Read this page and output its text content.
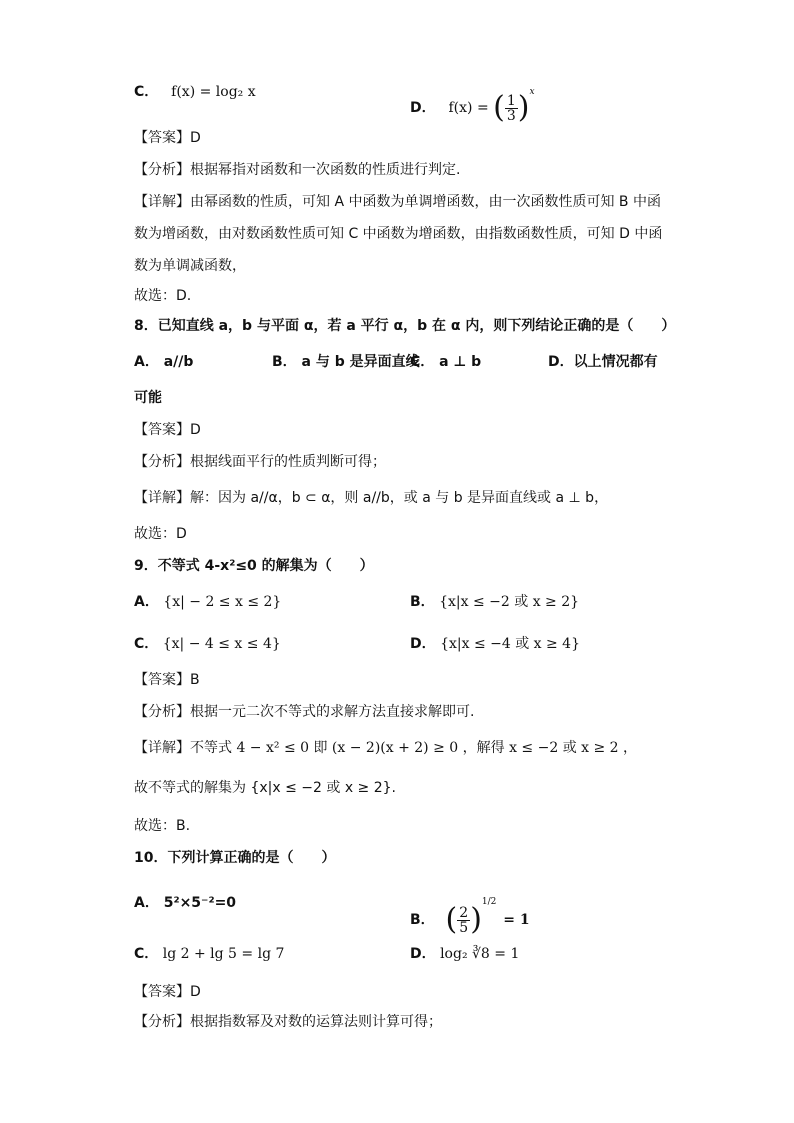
C． f(x) = log₂ x
D． f(x) = ( $\frac{1}{3} )^x$
【答案】D
【分析】根据幂指对函数和一次函数的性质进行判定.
【详解】由幂函数的性质，可知 A 中函数为单调增函数，由一次函数性质可知 B 中函
数为增函数，由对数函数性质可知 C 中函数为增函数，由指数函数性质，可知 D 中函
数为单调减函数，
故选：D.
8．已知直线 a，b 与平面 α，若 a 平行 α，b 在 α 内，则下列结论正确的是（　　）
A． a//b	B． a 与 b 是异面直线
C． a ⊥ b	D．以上情况都有
可能
【答案】D
【分析】根据线面平行的性质判断可得；
【详解】解：因为 a//α，b ⊂ α，则 a//b，或 a 与 b 是异面直线或 a ⊥ b，
故选：D
9．不等式 4-x²≤0 的解集为（　　）
A． {x| − 2 ≤ x ≤ 2}	B． {x|x ≤ −2 或 x ≥ 2}
C． {x| − 4 ≤ x ≤ 4}	D． {x|x ≤ −4 或 x ≥ 4}
【答案】B
【分析】根据一元二次不等式的求解方法直接求解即可.
【详解】不等式 4 − x² ≤ 0 即 (x − 2)(x + 2) ≥ 0 ，解得 x ≤ −2 或 x ≥ 2 ，
故不等式的解集为 {x|x ≤ −2 或 x ≥ 2}.
故选：B.
10．下列计算正确的是（　　）
A． 5²×5⁻²=0
B． ( $\frac{2}{5} )^{1/2} = 1$
C． lg 2 + lg 5 = lg 7	D． log₂ ∛8 = 1
【答案】D
【分析】根据指数幂及对数的运算法则计算可得；
